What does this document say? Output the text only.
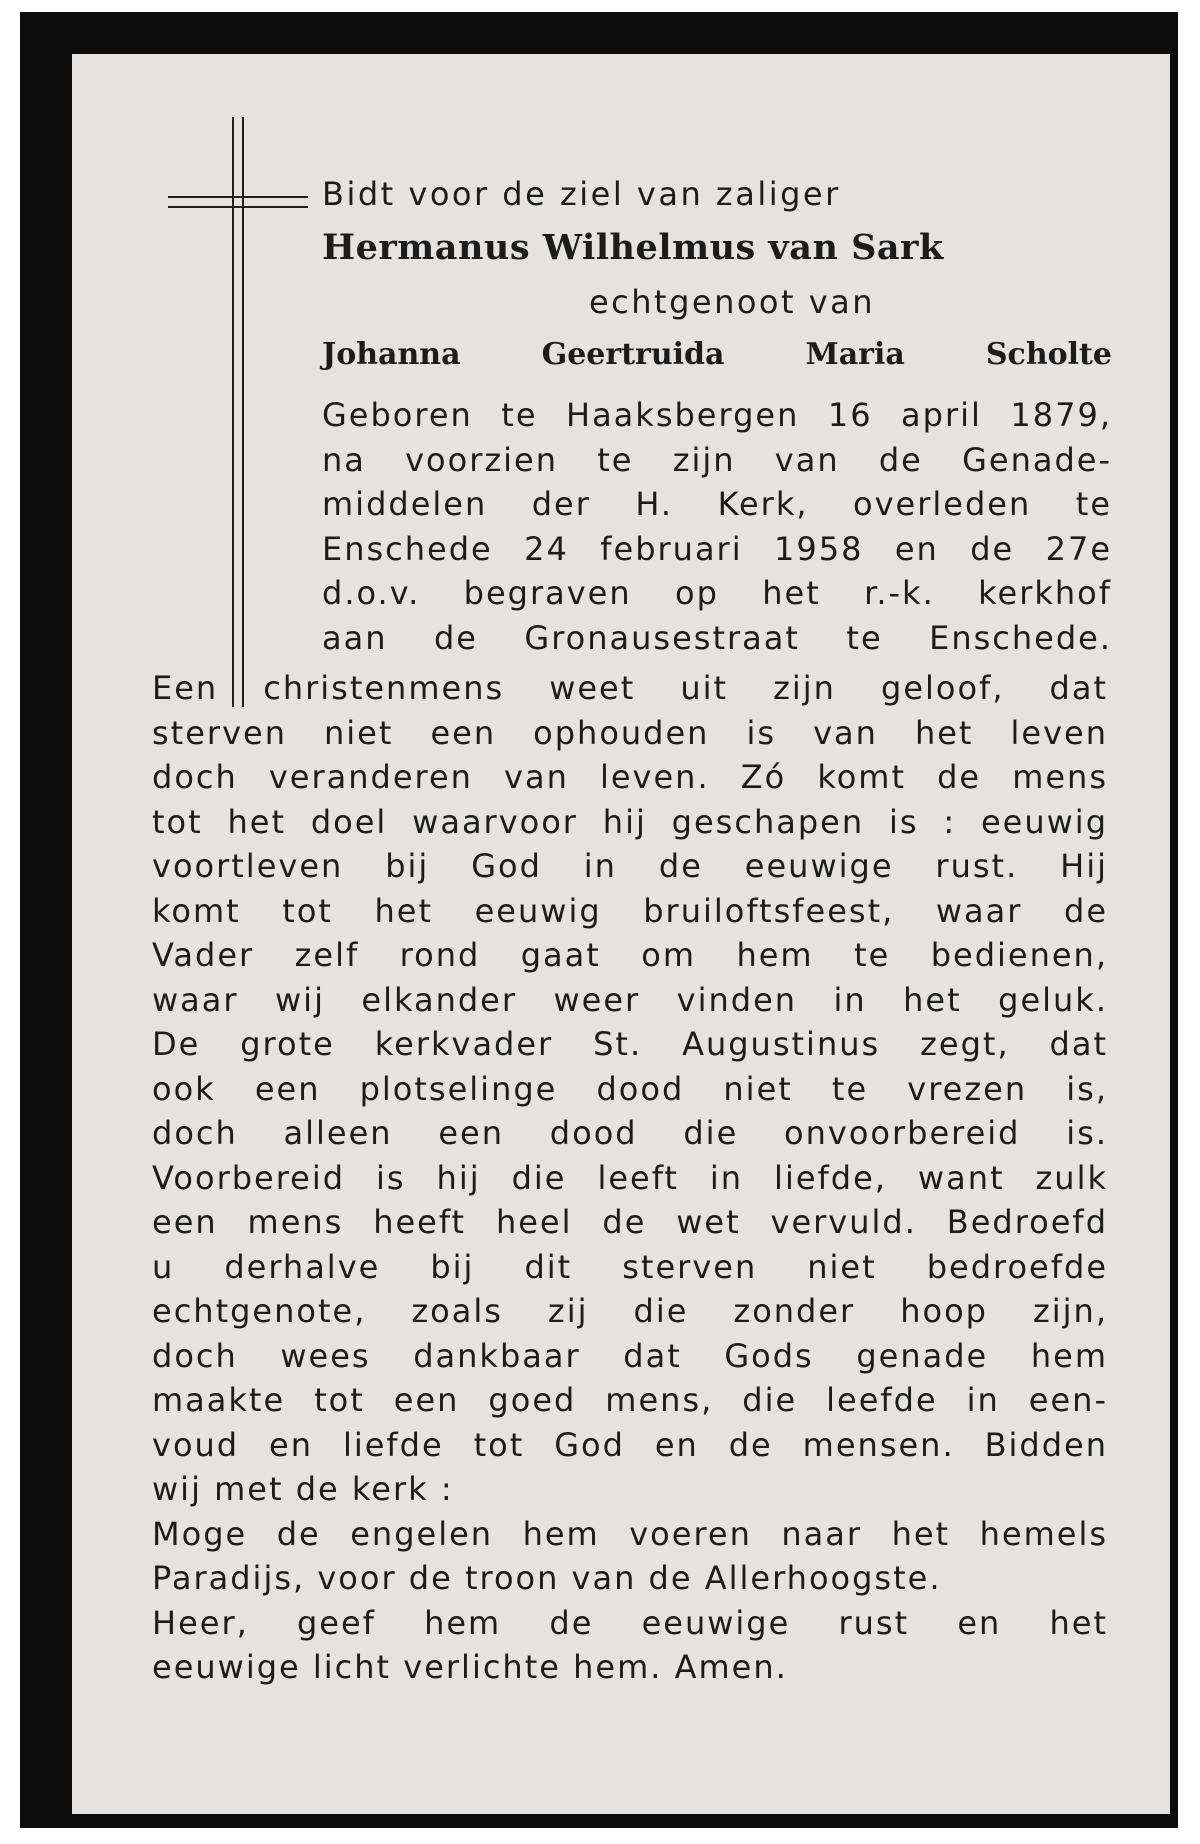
Bidt voor de ziel van zaliger
Hermanus Wilhelmus van Sark
echtgenoot van
Johanna	Geertruida	Maria	Scholte
Geboren te Haaksbergen 16 april 1879,
na voorzien te zijn van de Genade-
middelen der H. Kerk, overleden te
Enschede 24 februari 1958 en de 27e
d.o.v. begraven op het r.-k. kerkhof
aan de Gronausestraat te Enschede.
Een christenmens weet uit zijn geloof, dat
sterven niet een ophouden is van het leven
doch veranderen van leven. Zó komt de mens
tot het doel waarvoor hij geschapen is : eeuwig
voortleven bij God in de eeuwige rust. Hij
komt tot het eeuwig bruiloftsfeest, waar de
Vader zelf rond gaat om hem te bedienen,
waar wij elkander weer vinden in het geluk.
De grote kerkvader St. Augustinus zegt, dat
ook een plotselinge dood niet te vrezen is,
doch alleen een dood die onvoorbereid is.
Voorbereid is hij die leeft in liefde, want zulk
een mens heeft heel de wet vervuld. Bedroefd
u derhalve bij dit sterven niet bedroefde
echtgenote, zoals zij die zonder hoop zijn,
doch wees dankbaar dat Gods genade hem
maakte tot een goed mens, die leefde in een-
voud en liefde tot God en de mensen. Bidden
wij met de kerk :
Moge de engelen hem voeren naar het hemels
Paradijs, voor de troon van de Allerhoogste.
Heer, geef hem de eeuwige rust en het
eeuwige licht verlichte hem. Amen.
